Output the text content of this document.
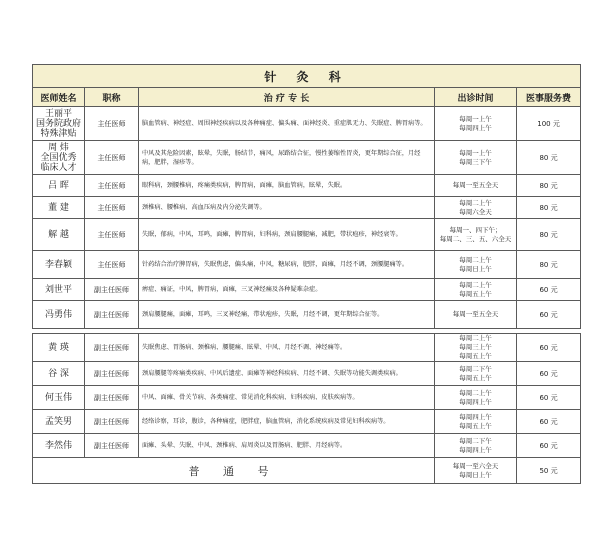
针 灸 科				
医师姓名	职称	治 疗 专 长	出诊时间	医事服务费

王丽平
国务院政府
特殊津贴	主任医师	脑血管病、神经症、周围神经疾病以及各种痛症、偏头痛、面神经炎、重症肌无力、失眠症、脾胃病等。	每周一上午
每周四上午	100 元

周 炜
全国优秀
临床人才	主任医师	中风及其危险因素，眩晕，失眠，肠结节，痛风，尿路结合征，慢性萎缩性胃炎，更年期综合征，月经病，肥胖，湿疹等。	每周一上午
每周三下午	80 元

吕 晖	主任医师	眼科病，颈腰椎病，疼痛类疾病，脾胃病，面瘫，脑血管病，眩晕，失眠。	每周一至五全天	80 元

董 建	主任医师	颈椎病、腰椎病、高血压病及内分泌失调等。	每周二上午
每周六全天	80 元

解 越	主任医师	失眠，郁病，中风，耳鸣，面瘫，脾胃病，妇科病，颈肩腰腿痛，减肥，带状疱疹，神经衰等。	每周一、四下午；
每周二、三、五、六全天	80 元

李春颖	主任医师	针药结合治疗脾胃病，失眠焦虑，偏头痛，中风，糖尿病，肥胖，面瘫，月经不调，颈腰腿痛等。	每周二上午
每周日上午	80 元

刘世平	副主任医师	痹症、痛证，中风，脾胃病，面瘫，三叉神经痛及各种疑难杂症。	每周二上午
每周五上午	60 元

冯勇伟	副主任医师	颈肩腰腿痛，面瘫，耳鸣，三叉神经痛，带状疱疹，失眠，月经不调，更年期综合征等。	每周一至五全天	60 元

黄 瑛	副主任医师	失眠焦虑、胃肠病、颈椎病、腰腿痛、眩晕、中风、月经不调、神经痛等。	每周二上午
每周三上午
每周五上午	60 元

谷 深	副主任医师	颈肩腰腿等疼痛类疾病、中风后遗症、面瘫等神经科疾病、月经不调、失眠等功能失调类疾病。	每周二下午
每周五上午	60 元

何玉伟	副主任医师	中风、面瘫、骨关节病、各类痛症、常见消化科疾病、妇科疾病、皮肤疾病等。	每周二上午
每周四上午	60 元

孟笑男	副主任医师	经络诊察，耳诊，腹诊，各种痛症，肥胖症，脑血管病，消化系统疾病及常见妇科疾病等。	每周四上午
每周五上午	60 元

李然伟	副主任医师	面瘫、头晕、失眠、中风、颈椎病、肩周炎以及胃肠病、肥胖、月经病等。	每周二下午
每周四上午	60 元
普 通 号			每周一至六全天
每周日上午	50 元
